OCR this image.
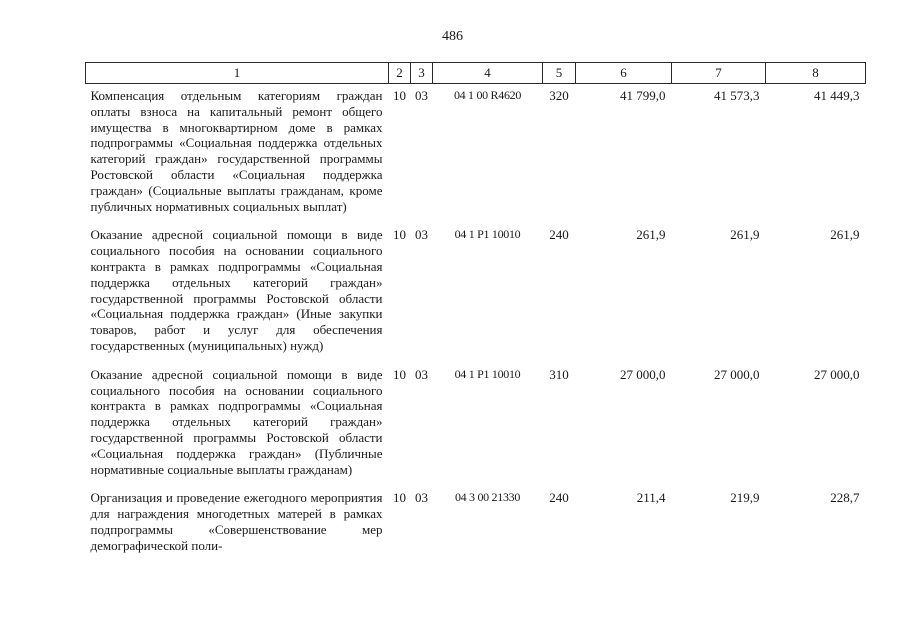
486
1	2	3	4	5	6	7	8
Компенсация отдельным категориям граждан оплаты взноса на капитальный ремонт общего имущества в многоквартирном доме в рамках подпрограммы «Социальная поддержка отдельных категорий граждан» государственной программы Ростовской области «Социальная поддержка граждан» (Социальные выплаты гражданам, кроме публичных нормативных социальных выплат)	10	03	04 1 00 R4620	320	41 799,0	41 573,3	41 449,3
Оказание адресной социальной помощи в виде социального пособия на основании социального контракта в рамках подпрограммы «Социальная поддержка отдельных категорий граждан» государственной программы Ростовской области «Социальная поддержка граждан» (Иные закупки товаров, работ и услуг для обеспечения государственных (муниципальных) нужд)	10	03	04 1 P1 10010	240	261,9	261,9	261,9
Оказание адресной социальной помощи в виде социального пособия на основании социального контракта в рамках подпрограммы «Социальная поддержка отдельных категорий граждан» государственной программы Ростовской области «Социальная поддержка граждан» (Публичные нормативные социальные выплаты гражданам)	10	03	04 1 P1 10010	310	27 000,0	27 000,0	27 000,0
Организация и проведение ежегодного мероприятия для награждения многодетных матерей в рамках подпрограммы «Совершенствование мер демографической поли-	10	03	04 3 00 21330	240	211,4	219,9	228,7
